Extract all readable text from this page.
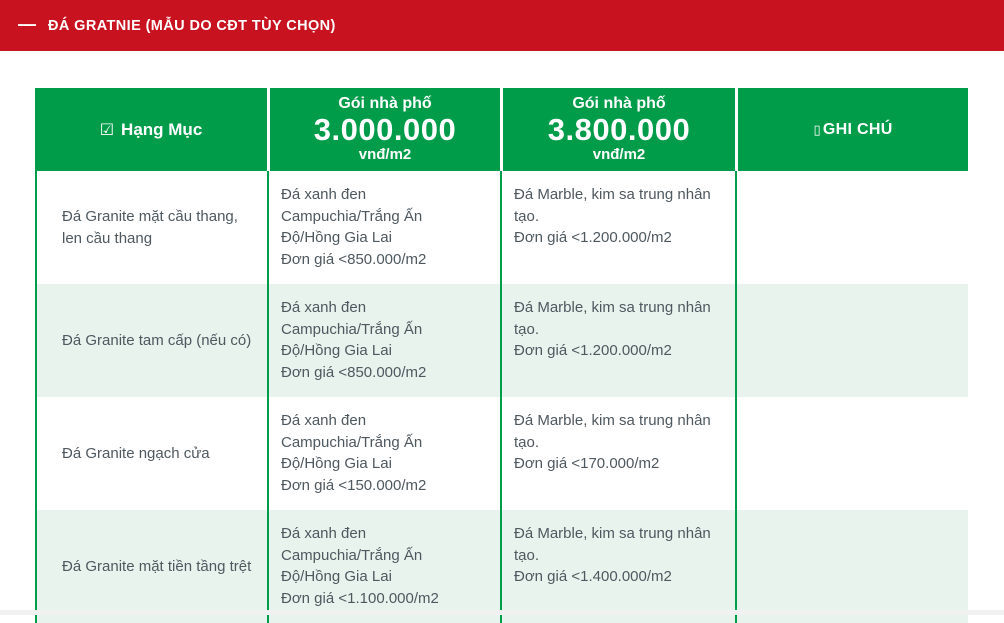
— ĐÁ GRATNIE (MẪU DO CĐT TÙY CHỌN)
☑ Hạng Mục
Gói nhà phố
3.000.000
vnđ/m2
Gói nhà phố
3.800.000
vnđ/m2
▯ GHI CHÚ
Đá Granite mặt cầu thang,
len cầu thang
Đá xanh đen
Campuchia/Trắng Ấn
Độ/Hồng Gia Lai
Đơn giá <850.000/m2
Đá Marble, kim sa trung nhân
tạo.
Đơn giá <1.200.000/m2
Đá Granite tam cấp (nếu có)
Đá xanh đen
Campuchia/Trắng Ấn
Độ/Hồng Gia Lai
Đơn giá <850.000/m2
Đá Marble, kim sa trung nhân
tạo.
Đơn giá <1.200.000/m2
Đá Granite ngạch cửa
Đá xanh đen
Campuchia/Trắng Ấn
Độ/Hồng Gia Lai
Đơn giá <150.000/m2
Đá Marble, kim sa trung nhân
tạo.
Đơn giá <170.000/m2
Đá Granite mặt tiền tầng trệt
Đá xanh đen
Campuchia/Trắng Ấn
Độ/Hồng Gia Lai
Đơn giá <1.100.000/m2
Đá Marble, kim sa trung nhân
tạo.
Đơn giá <1.400.000/m2
